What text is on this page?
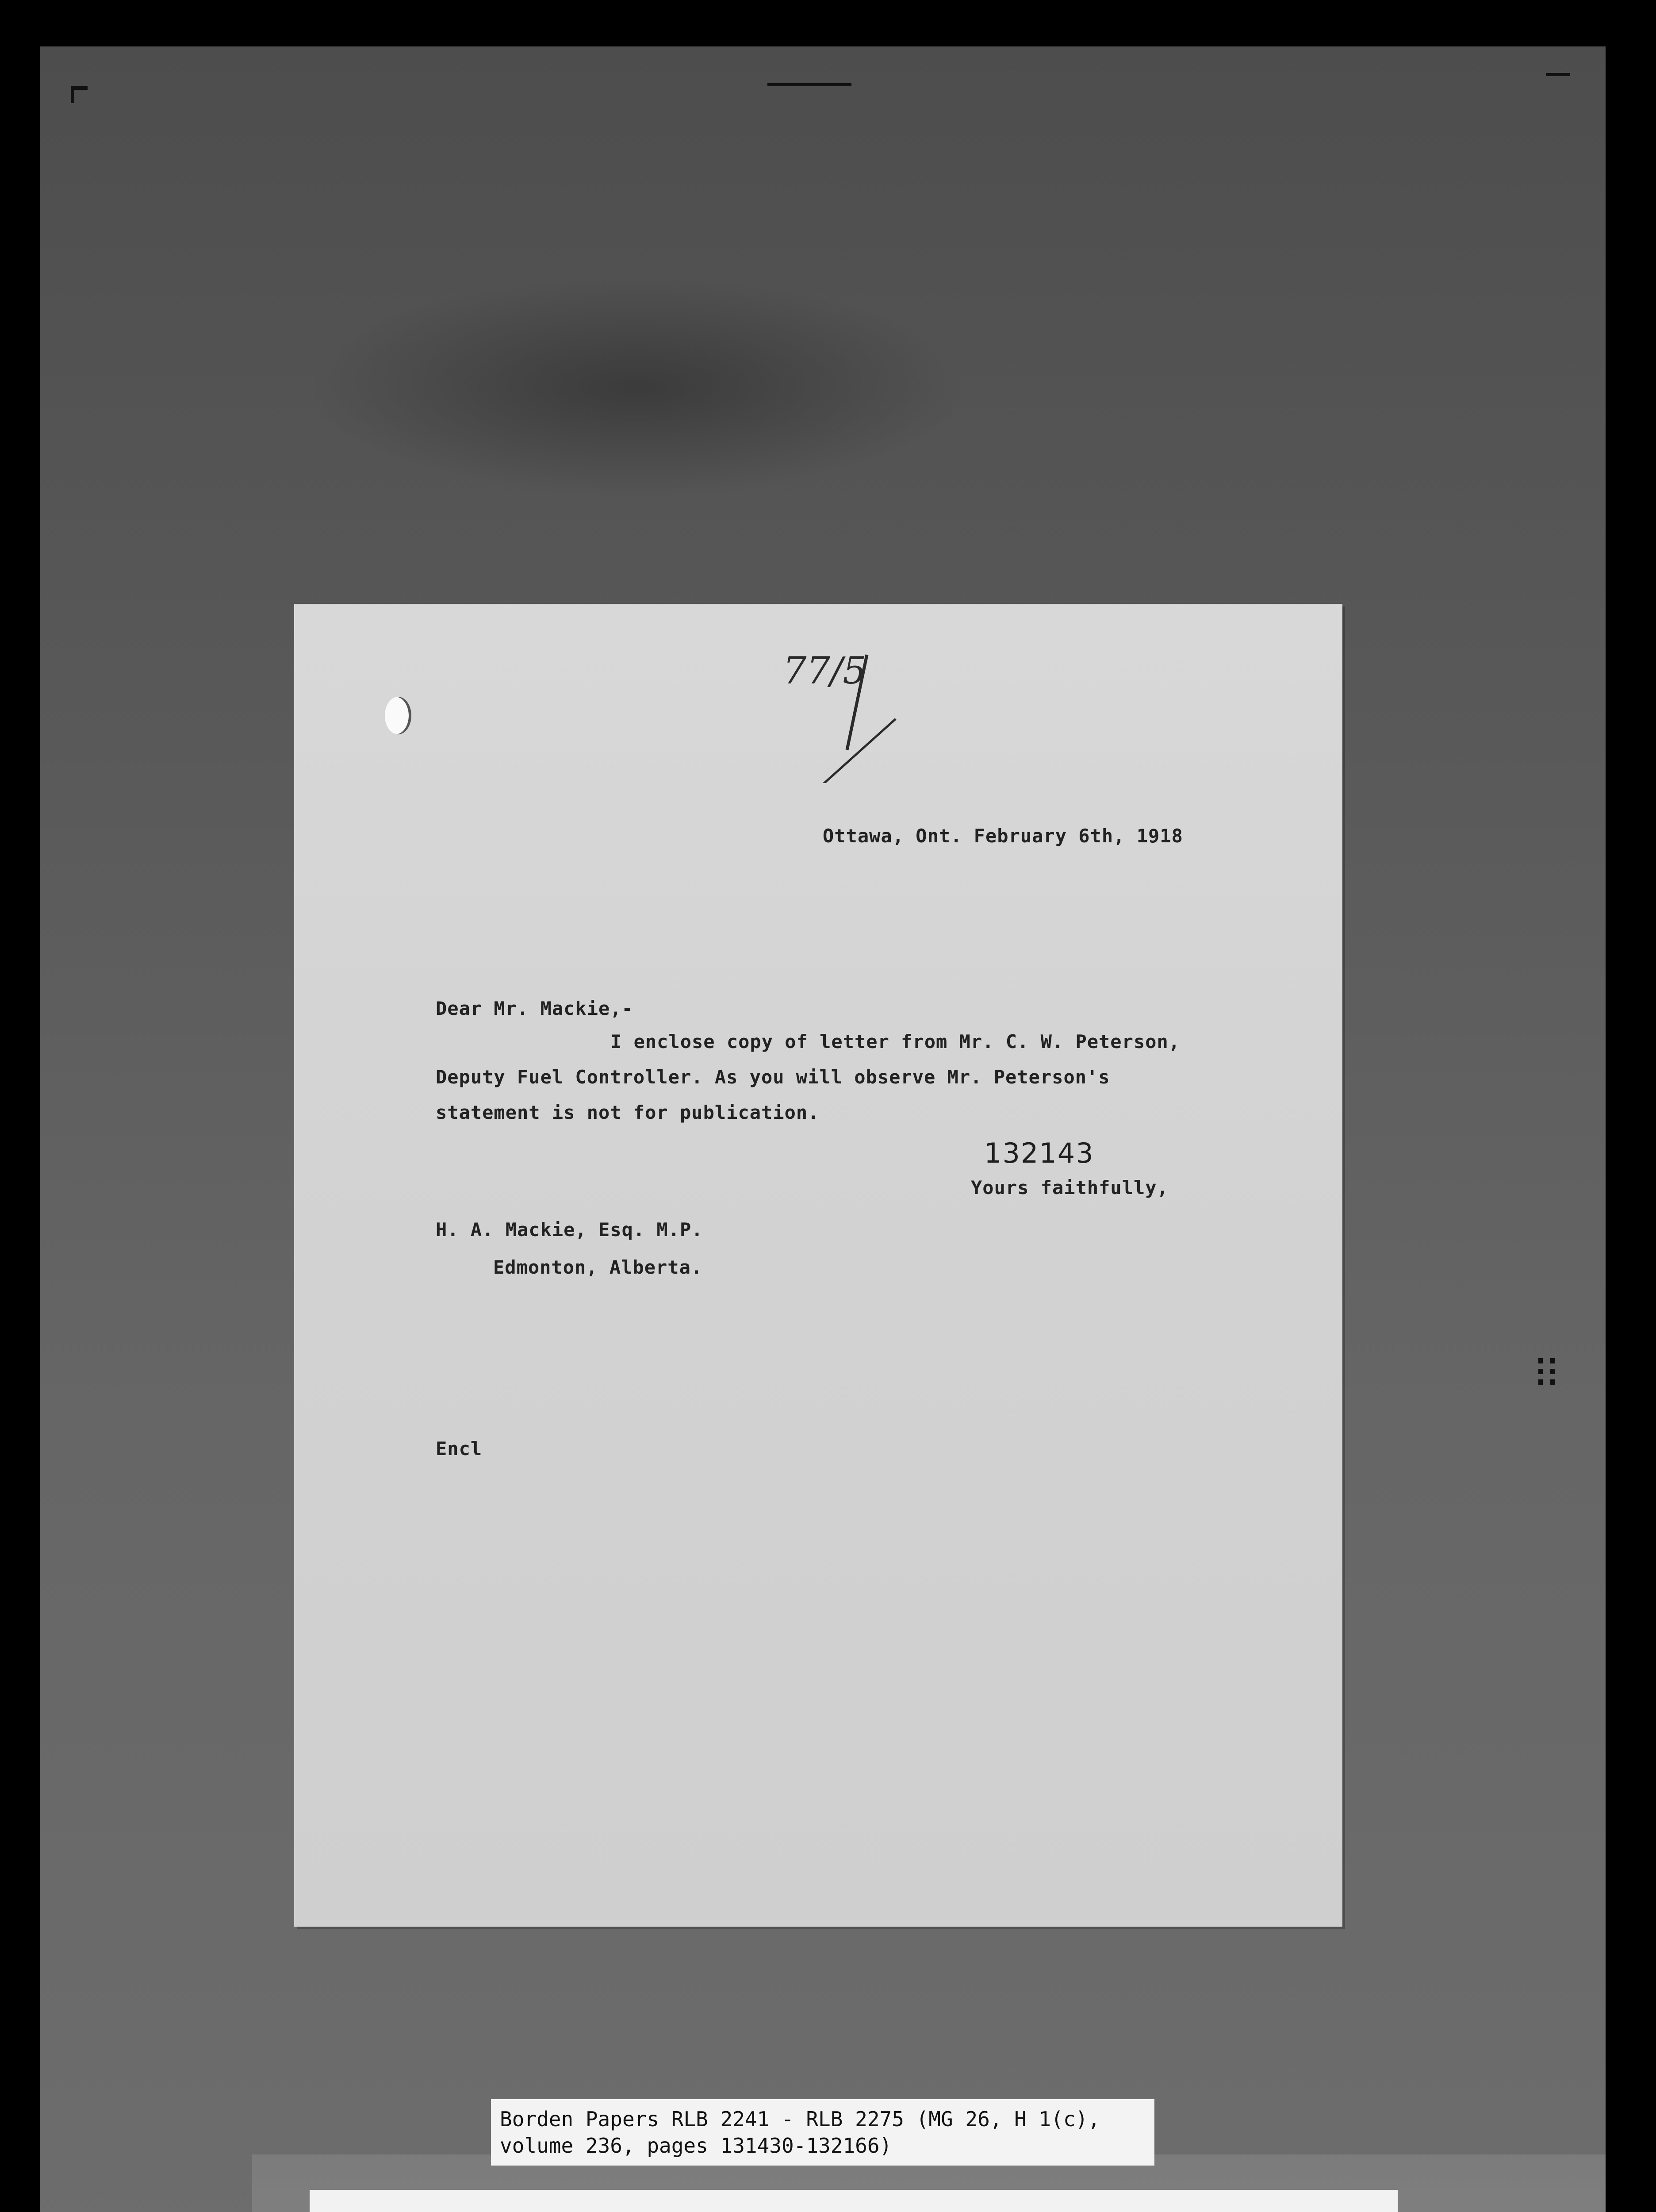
77/5
Ottawa, Ont. February 6th, 1918
Dear Mr. Mackie,-
I enclose copy of letter from Mr. C. W. Peterson,
Deputy Fuel Controller. As you will observe Mr. Peterson's
statement is not for publication.
132143
Yours faithfully,
H. A. Mackie, Esq. M.P.
Edmonton, Alberta.
Encl
Borden Papers RLB 2241 - RLB 2275 (MG 26, H 1(c),
volume 236, pages 131430-132166)
